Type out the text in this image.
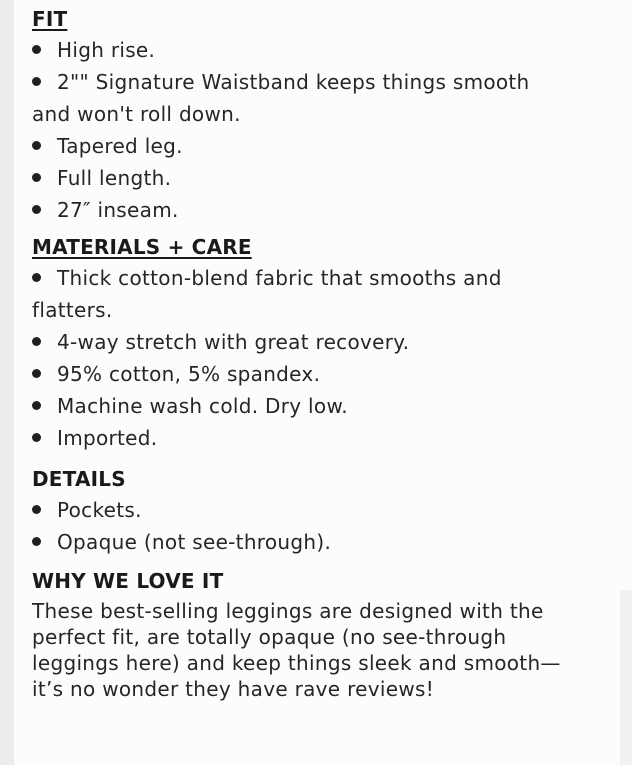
FIT
High rise.
2"" Signature Waistband keeps things smooth and won't roll down.
Tapered leg.
Full length.
27″ inseam.
MATERIALS + CARE
Thick cotton-blend fabric that smooths and flatters.
4-way stretch with great recovery.
95% cotton, 5% spandex.
Machine wash cold. Dry low.
Imported.
DETAILS
Pockets.
Opaque (not see-through).
WHY WE LOVE IT

These best-selling leggings are designed with the perfect fit, are totally opaque (no see-through leggings here) and keep things sleek and smooth—it’s no wonder they have rave reviews!
